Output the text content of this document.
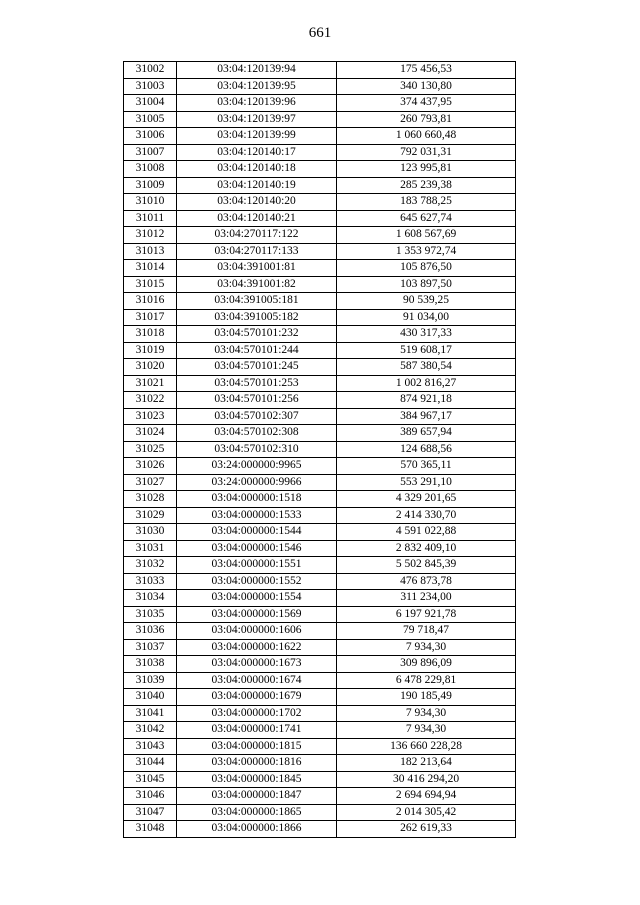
661
31002	03:04:120139:94	175 456,53
31003	03:04:120139:95	340 130,80
31004	03:04:120139:96	374 437,95
31005	03:04:120139:97	260 793,81
31006	03:04:120139:99	1 060 660,48
31007	03:04:120140:17	792 031,31
31008	03:04:120140:18	123 995,81
31009	03:04:120140:19	285 239,38
31010	03:04:120140:20	183 788,25
31011	03:04:120140:21	645 627,74
31012	03:04:270117:122	1 608 567,69
31013	03:04:270117:133	1 353 972,74
31014	03:04:391001:81	105 876,50
31015	03:04:391001:82	103 897,50
31016	03:04:391005:181	90 539,25
31017	03:04:391005:182	91 034,00
31018	03:04:570101:232	430 317,33
31019	03:04:570101:244	519 608,17
31020	03:04:570101:245	587 380,54
31021	03:04:570101:253	1 002 816,27
31022	03:04:570101:256	874 921,18
31023	03:04:570102:307	384 967,17
31024	03:04:570102:308	389 657,94
31025	03:04:570102:310	124 688,56
31026	03:24:000000:9965	570 365,11
31027	03:24:000000:9966	553 291,10
31028	03:04:000000:1518	4 329 201,65
31029	03:04:000000:1533	2 414 330,70
31030	03:04:000000:1544	4 591 022,88
31031	03:04:000000:1546	2 832 409,10
31032	03:04:000000:1551	5 502 845,39
31033	03:04:000000:1552	476 873,78
31034	03:04:000000:1554	311 234,00
31035	03:04:000000:1569	6 197 921,78
31036	03:04:000000:1606	79 718,47
31037	03:04:000000:1622	7 934,30
31038	03:04:000000:1673	309 896,09
31039	03:04:000000:1674	6 478 229,81
31040	03:04:000000:1679	190 185,49
31041	03:04:000000:1702	7 934,30
31042	03:04:000000:1741	7 934,30
31043	03:04:000000:1815	136 660 228,28
31044	03:04:000000:1816	182 213,64
31045	03:04:000000:1845	30 416 294,20
31046	03:04:000000:1847	2 694 694,94
31047	03:04:000000:1865	2 014 305,42
31048	03:04:000000:1866	262 619,33
